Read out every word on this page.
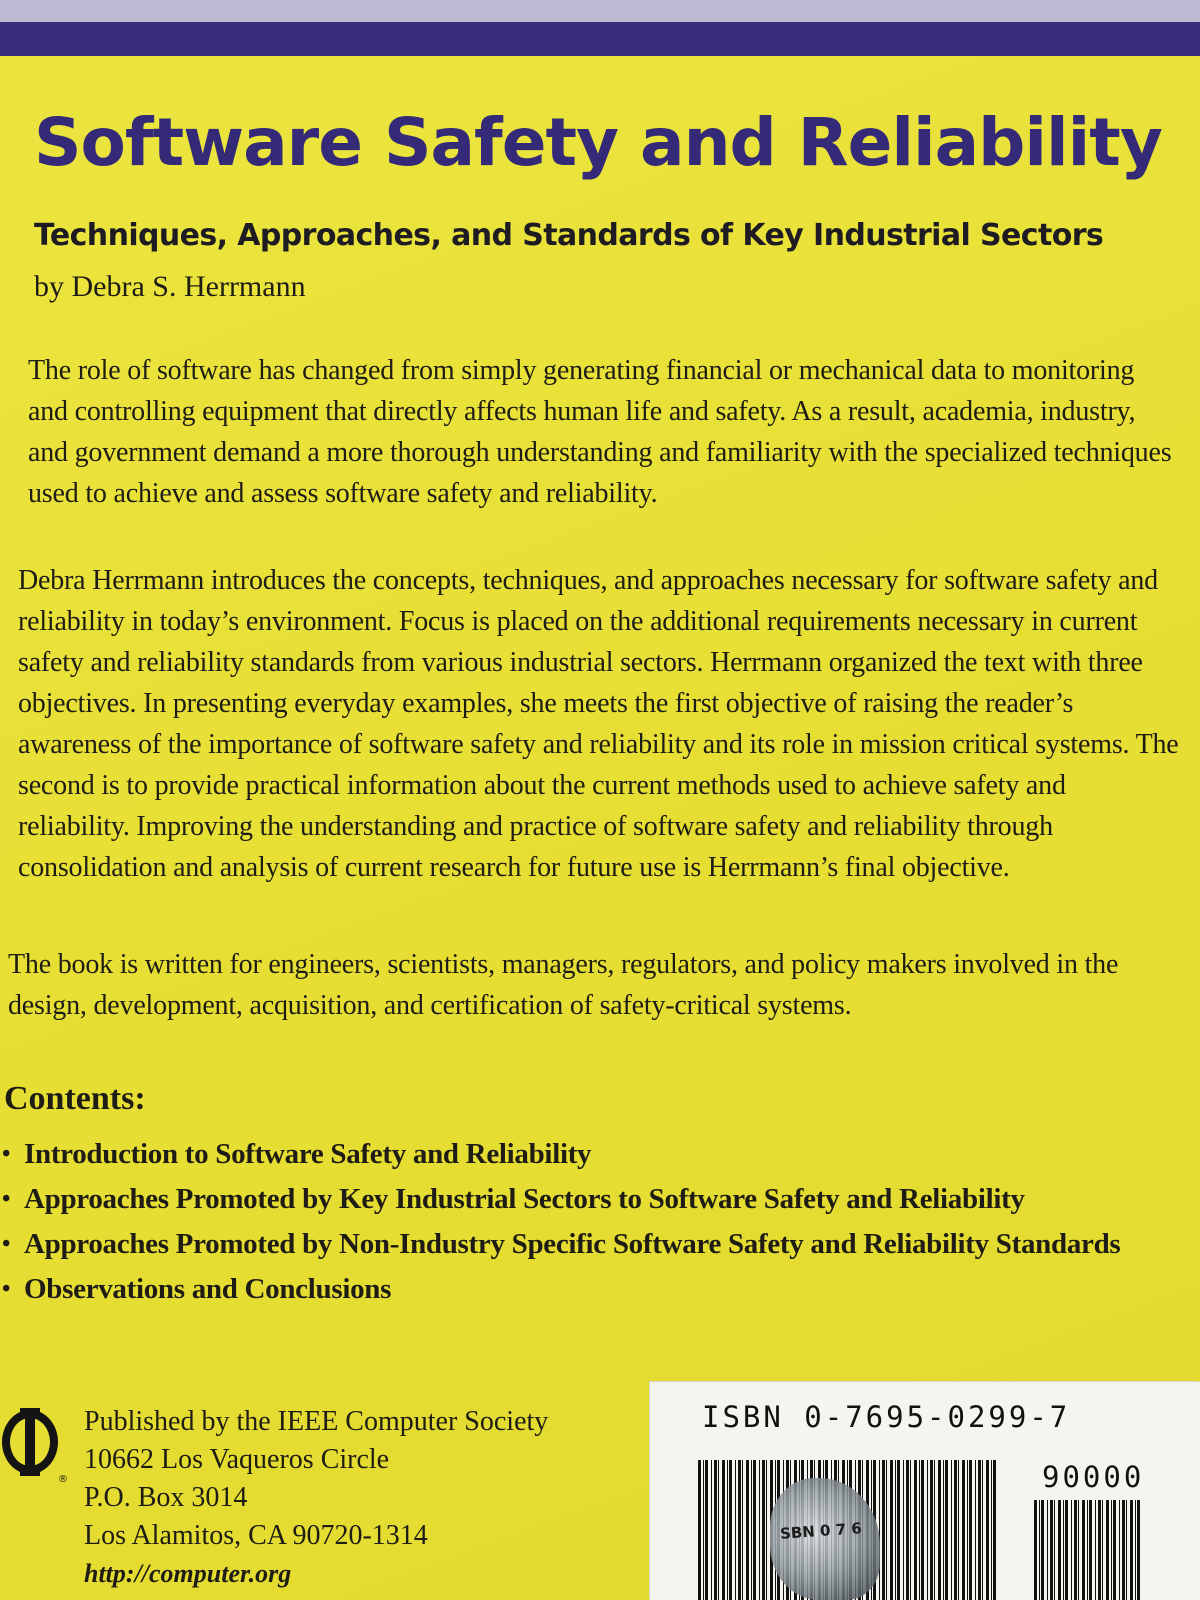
Software Safety and Reliability
Techniques, Approaches, and Standards of Key Industrial Sectors
by Debra S. Herrmann

The role of software has changed from simply generating financial or mechanical data to monitoring and controlling equipment that directly affects human life and safety. As a result, academia, industry, and government demand a more thorough understanding and familiarity with the specialized techniques used to achieve and assess software safety and reliability.

Debra Herrmann introduces the concepts, techniques, and approaches necessary for software safety and reliability in today’s environment. Focus is placed on the additional requirements necessary in current safety and reliability standards from various industrial sectors. Herrmann organized the text with three objectives. In presenting everyday examples, she meets the first objective of raising the reader’s awareness of the importance of software safety and reliability and its role in mission critical systems. The second is to provide practical information about the current methods used to achieve safety and reliability. Improving the understanding and practice of software safety and reliability through consolidation and analysis of current research for future use is Herrmann’s final objective.

The book is written for engineers, scientists, managers, regulators, and policy makers involved in the design, development, acquisition, and certification of safety-critical systems.

Contents:
• Introduction to Software Safety and Reliability
• Approaches Promoted by Key Industrial Sectors to Software Safety and Reliability
• Approaches Promoted by Non-Industry Specific Software Safety and Reliability Standards
• Observations and Conclusions
®
Published by the IEEE Computer Society
10662 Los Vaqueros Circle
P.O. Box 3014
Los Alamitos, CA 90720-1314
http://computer.org
ISBN 0-7695-0299-7
90000
SBN 0 7 6
